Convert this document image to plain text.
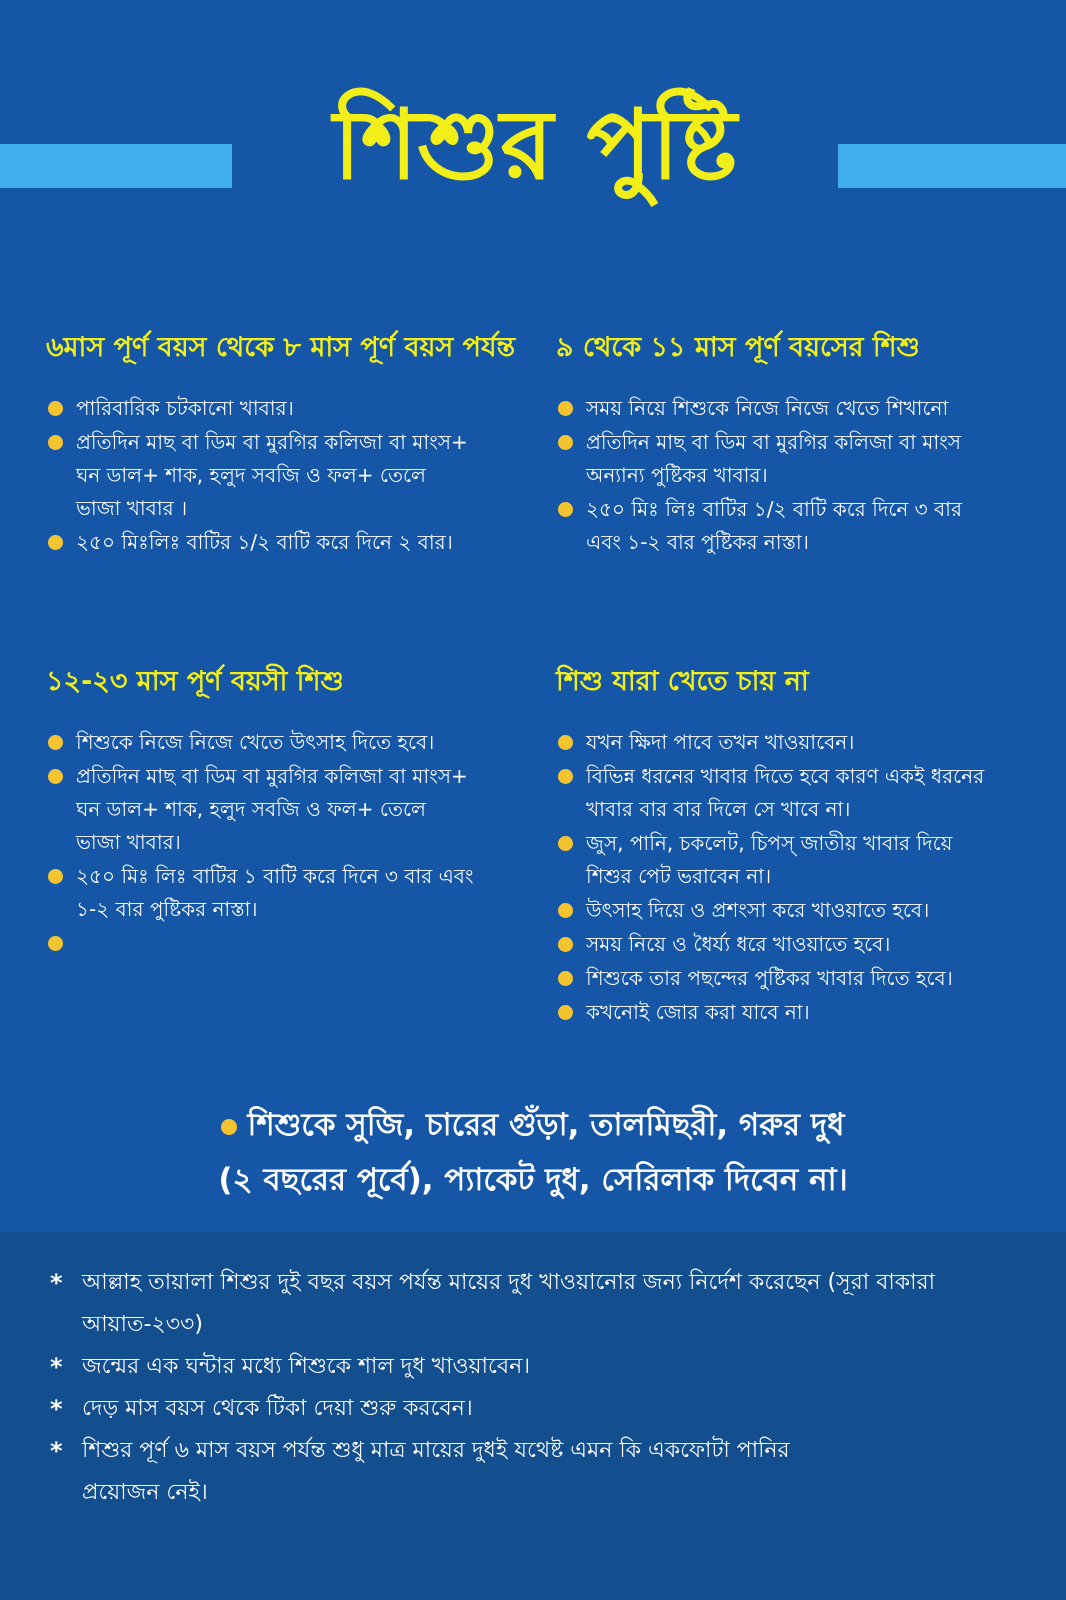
শিশুর পুষ্টি
৬মাস পূর্ণ বয়স থেকে ৮ মাস পূর্ণ বয়স পর্যন্ত
পারিবারিক চটকানো খাবার।
প্রতিদিন মাছ বা ডিম বা মুরগির কলিজা বা মাংস+ ঘন ডাল+ শাক, হলুদ সবজি ও ফল+ তেলে ভাজা খাবার ।
২৫০ মিঃলিঃ বাটির ১/২ বাটি করে দিনে ২ বার।
৯ থেকে ১১ মাস পূর্ণ বয়সের শিশু
সময় নিয়ে শিশুকে নিজে নিজে খেতে শিখানো
প্রতিদিন মাছ বা ডিম বা মুরগির কলিজা বা মাংস অন্যান্য পুষ্টিকর খাবার।
২৫০ মিঃ লিঃ বাটির ১/২ বাটি করে দিনে ৩ বার এবং ১-২ বার পুষ্টিকর নাস্তা।
১২-২৩ মাস পূর্ণ বয়সী শিশু
শিশুকে নিজে নিজে খেতে উৎসাহ দিতে হবে।
প্রতিদিন মাছ বা ডিম বা মুরগির কলিজা বা মাংস+ ঘন ডাল+ শাক, হলুদ সবজি ও ফল+ তেলে ভাজা খাবার।
২৫০ মিঃ লিঃ বাটির ১ বাটি করে দিনে ৩ বার এবং ১-২ বার পুষ্টিকর নাস্তা।
শিশু যারা খেতে চায় না
যখন ক্ষিদা পাবে তখন খাওয়াবেন।
বিভিন্ন ধরনের খাবার দিতে হবে কারণ একই ধরনের খাবার বার বার দিলে সে খাবে না।
জুস, পানি, চকলেট, চিপস্ জাতীয় খাবার দিয়ে শিশুর পেট ভরাবেন না।
উৎসাহ দিয়ে ও প্রশংসা করে খাওয়াতে হবে।
সময় নিয়ে ও ধৈর্য্য ধরে খাওয়াতে হবে।
শিশুকে তার পছন্দের পুষ্টিকর খাবার দিতে হবে।
কখনোই জোর করা যাবে না।
শিশুকে সুজি, চারের গুঁড়া, তালমিছরী, গরুর দুধ
(২ বছরের পূর্বে), প্যাকেট দুধ, সেরিলাক দিবেন না।
* আল্লাহ তায়ালা শিশুর দুই বছর বয়স পর্যন্ত মায়ের দুধ খাওয়ানোর জন্য নির্দেশ করেছেন (সূরা বাকারা আয়াত-২৩৩)
* জন্মের এক ঘন্টার মধ্যে শিশুকে শাল দুধ খাওয়াবেন।
* দেড় মাস বয়স থেকে টিকা দেয়া শুরু করবেন।
* শিশুর পূর্ণ ৬ মাস বয়স পর্যন্ত শুধু মাত্র মায়ের দুধই যথেষ্ট এমন কি একফোটা পানির প্রয়োজন নেই।
